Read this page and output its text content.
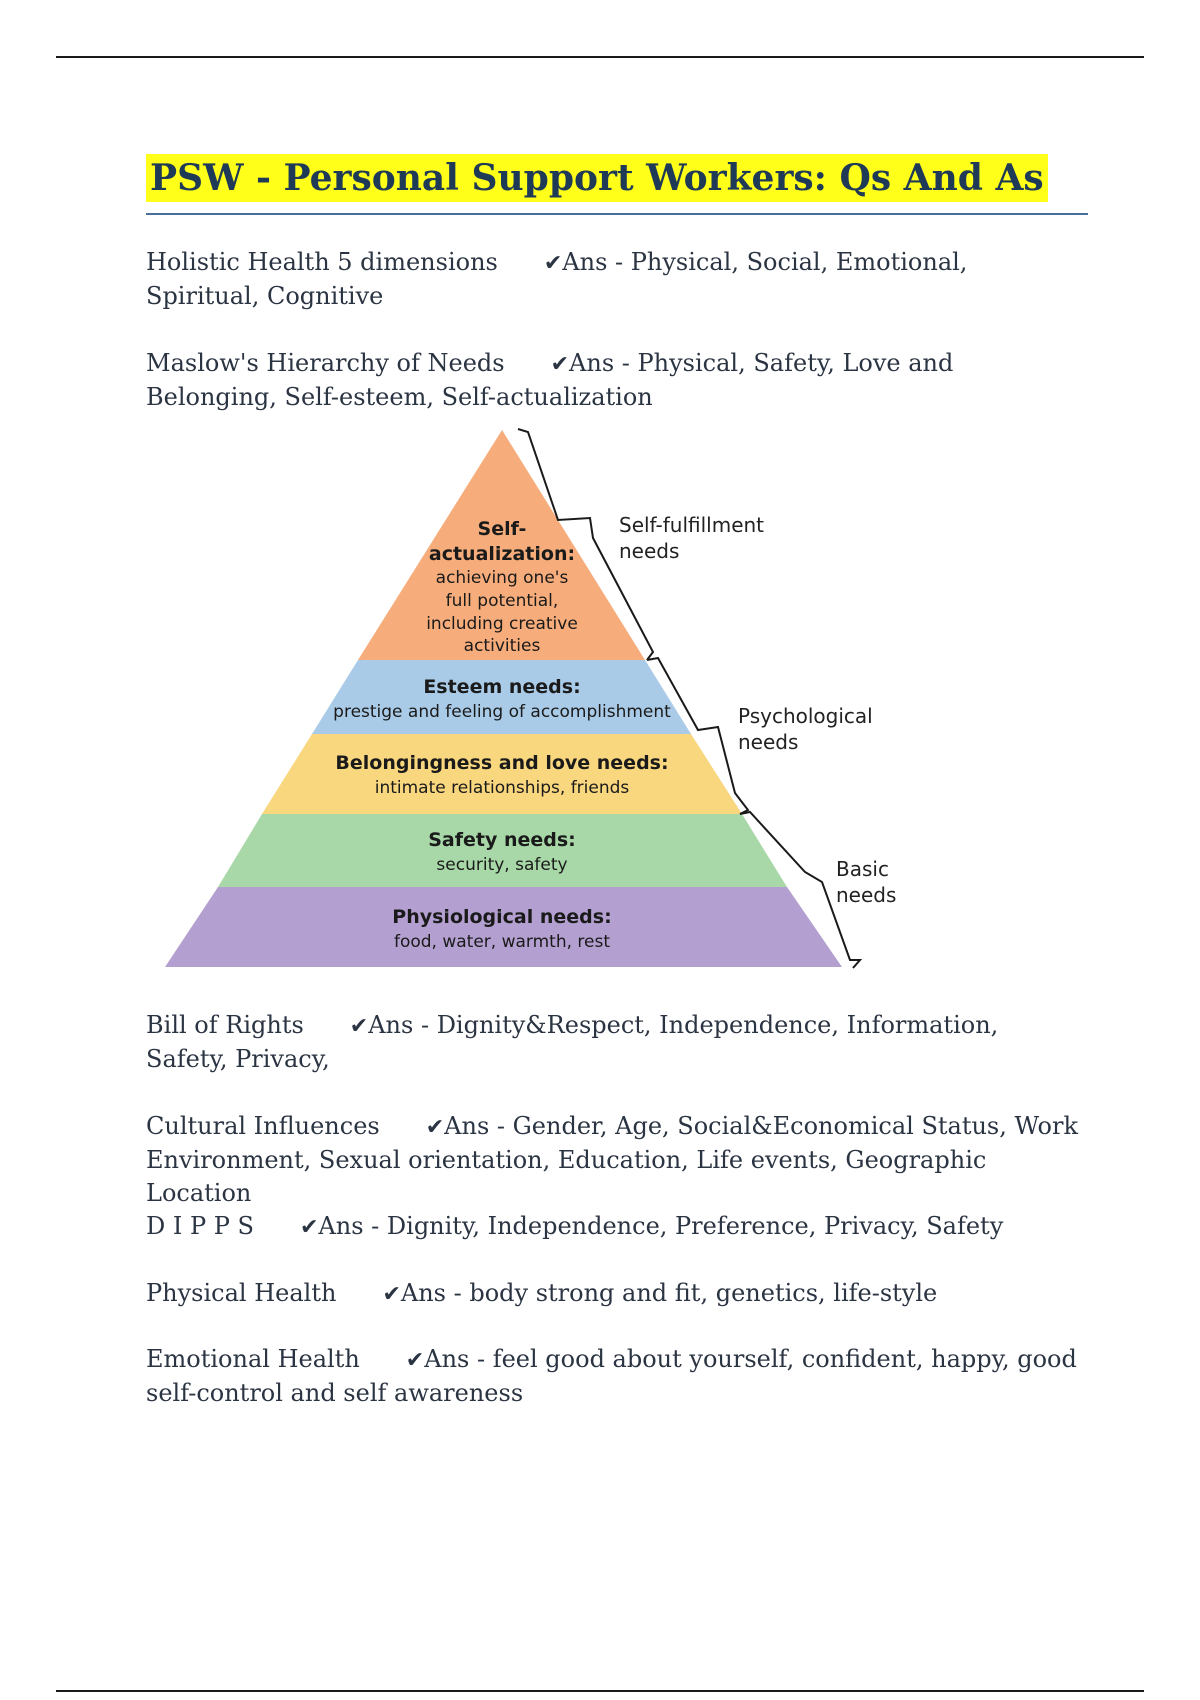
PSW - Personal Support Workers: Qs And As

Holistic Health 5 dimensions ✔Ans - Physical, Social, Emotional, Spiritual, Cognitive

Maslow's Hierarchy of Needs ✔Ans - Physical, Safety, Love and Belonging, Self-esteem, Self-actualization

Self-
actualization:
achieving one's
full potential,
including creative
activities
Esteem needs:
prestige and feeling of accomplishment
Belongingness and love needs:
intimate relationships, friends
Safety needs:
security, safety
Physiological needs:
food, water, warmth, rest
Self-fulfillment
needs
Psychological
needs
Basic
needs

Bill of Rights ✔Ans - Dignity&Respect, Independence, Information, Safety, Privacy,

Cultural Influences ✔Ans - Gender, Age, Social&Economical Status, Work Environment, Sexual orientation, Education, Life events, Geographic Location

D I P P S ✔Ans - Dignity, Independence, Preference, Privacy, Safety

Physical Health ✔Ans - body strong and fit, genetics, life-style

Emotional Health ✔Ans - feel good about yourself, confident, happy, good self-control and self awareness
